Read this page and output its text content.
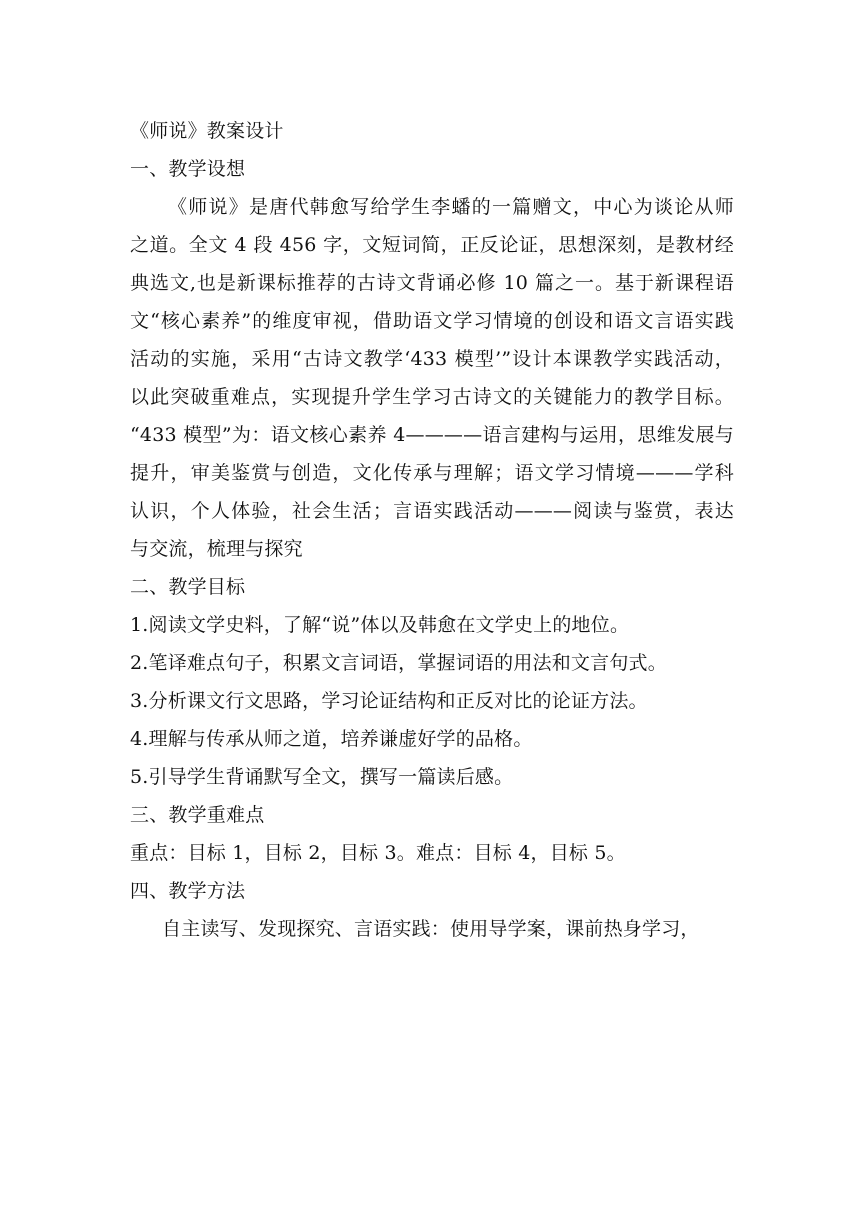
《师说》教案设计
一、教学设想
《师说》是唐代韩愈写给学生李蟠的一篇赠文，中心为谈论从师
之道。全文 4 段 456 字，文短词简，正反论证，思想深刻，是教材经
典选文,也是新课标推荐的古诗文背诵必修 10 篇之一。基于新课程语
文“核心素养”的维度审视，借助语文学习情境的创设和语文言语实践
活动的实施，采用“古诗文教学‘433 模型’”设计本课教学实践活动，
以此突破重难点，实现提升学生学习古诗文的关键能力的教学目标。
“433 模型”为：语文核心素养 4————语言建构与运用，思维发展与
提升，审美鉴赏与创造，文化传承与理解；语文学习情境———学科
认识，个人体验，社会生活；言语实践活动———阅读与鉴赏，表达
与交流，梳理与探究
二、教学目标
1.阅读文学史料，了解“说”体以及韩愈在文学史上的地位。
2.笔译难点句子，积累文言词语，掌握词语的用法和文言句式。
3.分析课文行文思路，学习论证结构和正反对比的论证方法。
4.理解与传承从师之道，培养谦虚好学的品格。
5.引导学生背诵默写全文，撰写一篇读后感。
三、教学重难点
重点：目标 1，目标 2，目标 3。难点：目标 4，目标 5。
四、教学方法
自主读写、发现探究、言语实践：使用导学案，课前热身学习，
